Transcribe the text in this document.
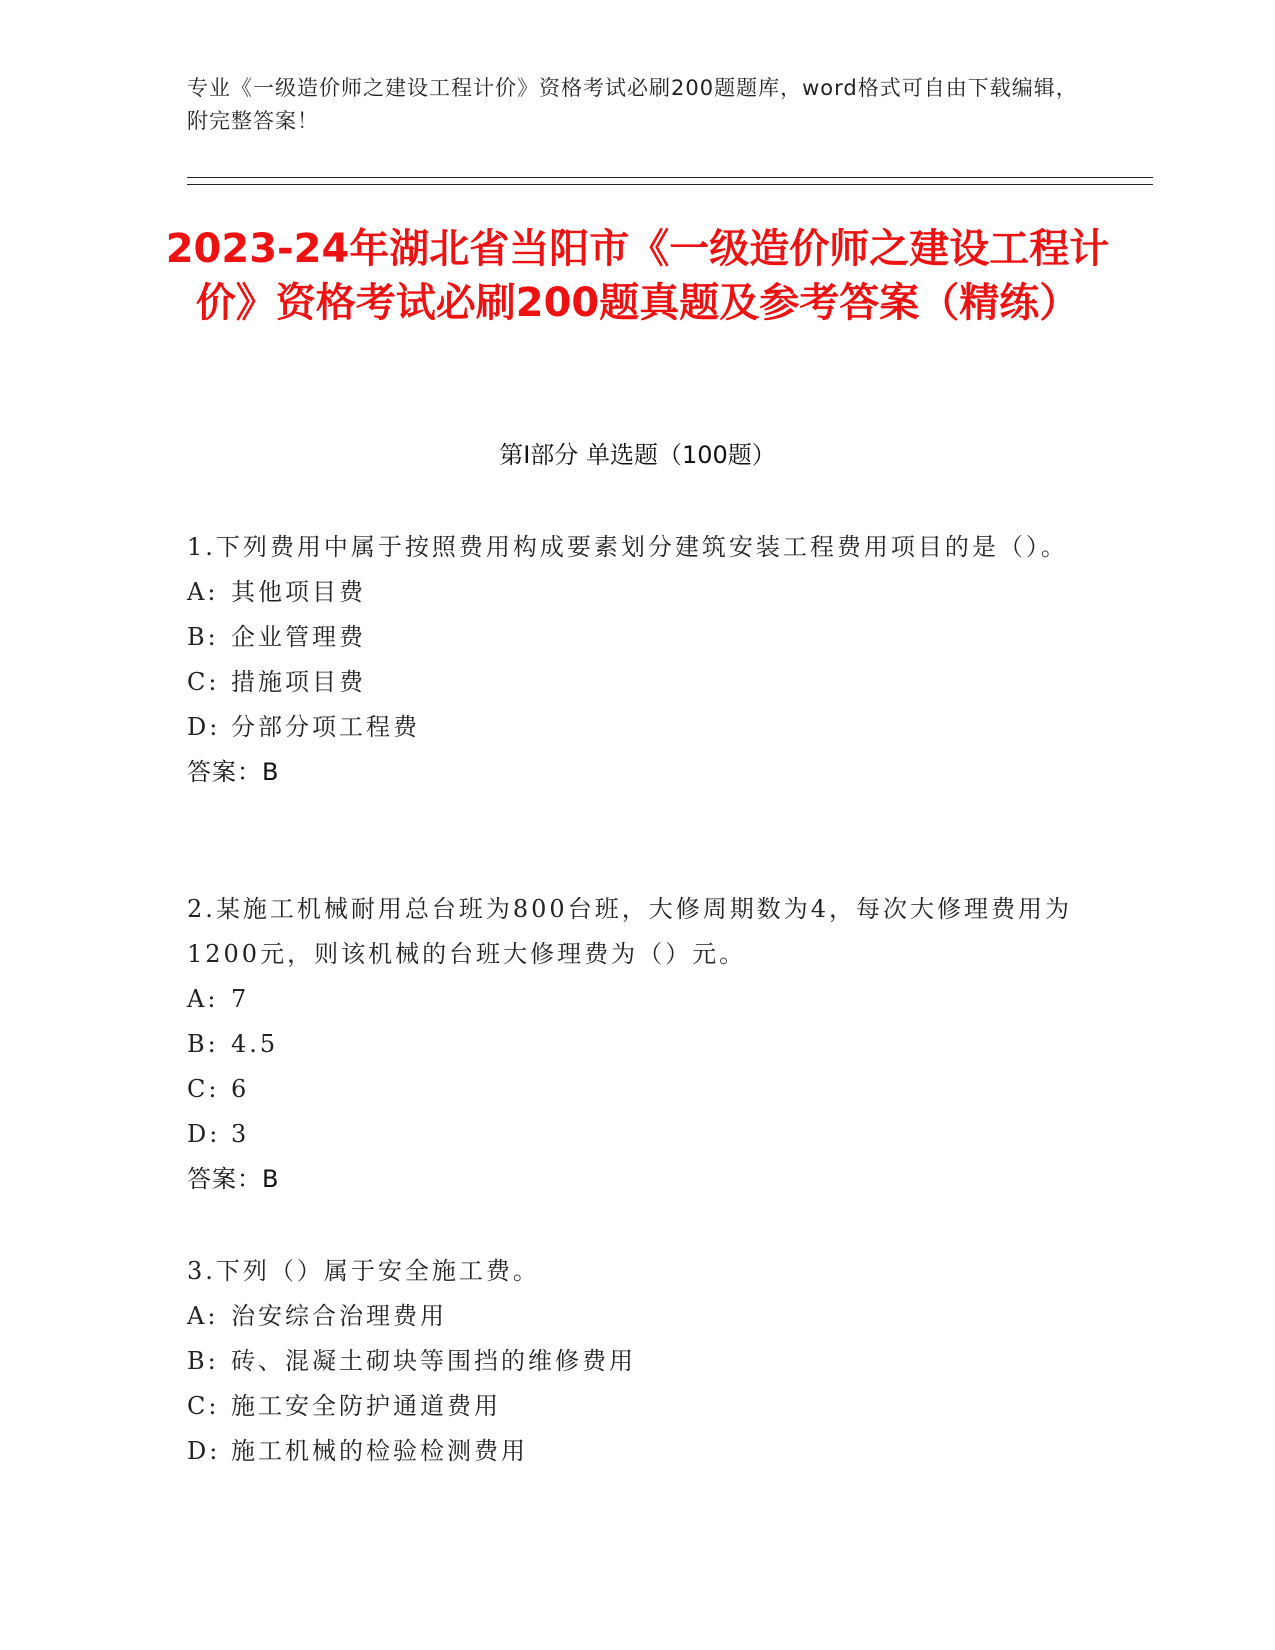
专业《一级造价师之建设工程计价》资格考试必刷200题题库，word格式可自由下载编辑，附完整答案！
2023-24年湖北省当阳市《一级造价师之建设工程计价》资格考试必刷200题真题及参考答案（精练）
第I部分 单选题（100题）

1.下列费用中属于按照费用构成要素划分建筑安装工程费用项目的是（）。

A: 其他项目费
B: 企业管理费
C: 措施项目费
D: 分部分项工程费

答案：B

2.某施工机械耐用总台班为800台班，大修周期数为4，每次大修理费用为1200元，则该机械的台班大修理费为（）元。

A: 7
B: 4.5
C: 6
D: 3

答案：B

3.下列（）属于安全施工费。

A: 治安综合治理费用
B: 砖、混凝土砌块等围挡的维修费用
C: 施工安全防护通道费用
D: 施工机械的检验检测费用
